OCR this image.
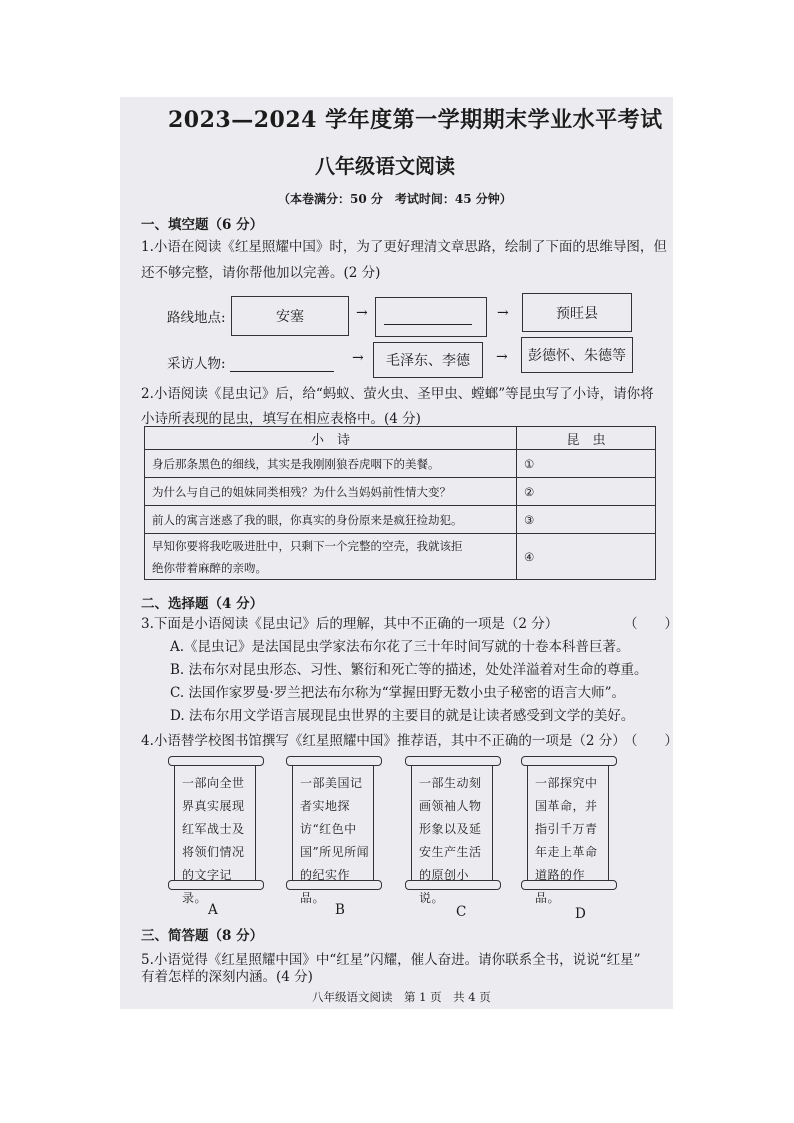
2023—2024 学年度第一学期期末学业水平考试
八年级语文阅读
（本卷满分：50 分　考试时间：45 分钟）
一、填空题（6 分）
1.小语在阅读《红星照耀中国》时，为了更好理清文章思路，绘制了下面的思维导图，但
还不够完整，请你帮他加以完善。(2 分)
路线地点:	安塞	→	→	预旺县
采访人物:	→ 毛泽东、李德 → 彭德怀、朱德等
2.小语阅读《昆虫记》后，给“蚂蚁、萤火虫、圣甲虫、螳螂”等昆虫写了小诗，请你将
小诗所表现的昆虫，填写在相应表格中。(4 分)
小　诗	昆　虫
身后那条黑色的细线，其实是我刚刚狼吞虎咽下的美餐。	①
为什么与自己的姐妹同类相残？为什么当妈妈前性情大变？	②
前人的寓言迷惑了我的眼，你真实的身份原来是疯狂捡劫犯。	③

早知你要将我吃吸进肚中，只剩下一个完整的空壳，我就该拒
绝你带着麻醉的亲吻。	④
二、选择题（4 分）
3.下面是小语阅读《昆虫记》后的理解，其中不正确的一项是（2 分）	（　　）
A.《昆虫记》是法国昆虫学家法布尔花了三十年时间写就的十卷本科普巨著。
B. 法布尔对昆虫形态、习性、繁衍和死亡等的描述，处处洋溢着对生命的尊重。
C. 法国作家罗曼·罗兰把法布尔称为“掌握田野无数小虫子秘密的语言大师”。
D. 法布尔用文学语言展现昆虫世界的主要目的就是让读者感受到文学的美好。
4.小语替学校图书馆撰写《红星照耀中国》推荐语，其中不正确的一项是（2 分）
（　　）
一部向全世界真实展现红军战士及将领们情况的文字记录。
A
一部美国记者实地探访“红色中国”所见所闻的纪实作品。
B
一部生动刻画领袖人物形象以及延安生产生活的原创小说。
C
一部探究中国革命，并指引千万青年走上革命道路的作品。
D
三、简答题（8 分）
5.小语觉得《红星照耀中国》中“红星”闪耀，催人奋进。请你联系全书，说说“红星”
有着怎样的深刻内涵。(4 分)
八年级语文阅读　第 1 页　共 4 页
